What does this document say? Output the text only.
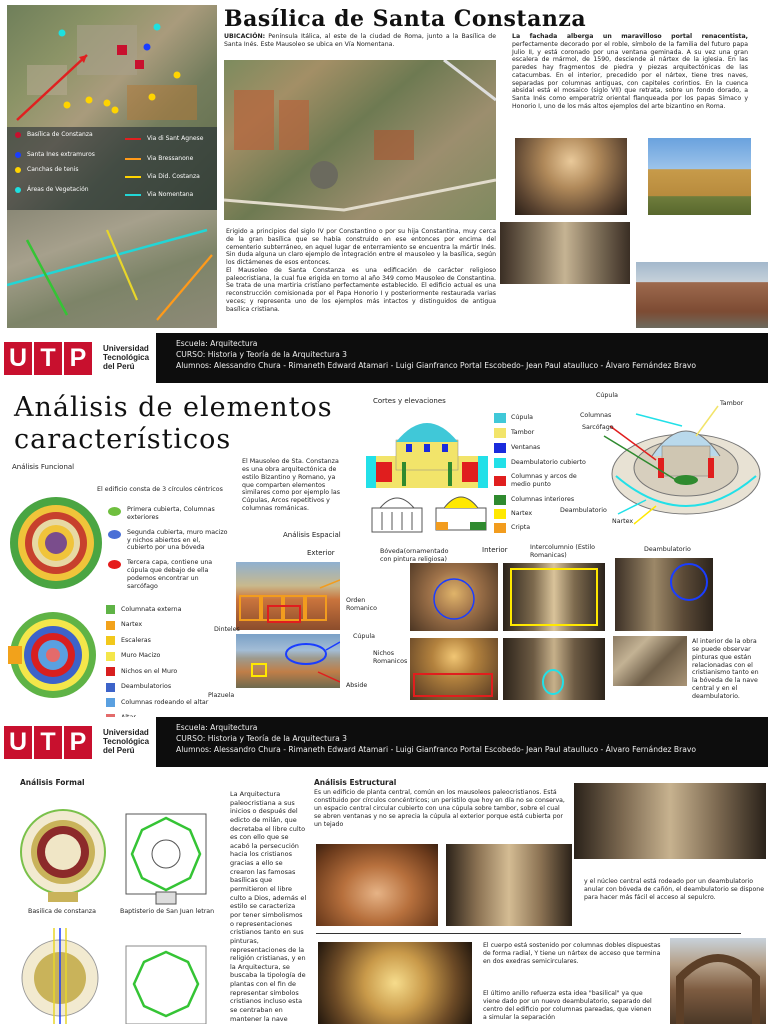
Basílica de Constanza
Santa Ines extramuros
Canchas de tenis
Áreas de Vegetación
Via di Sant Agnese
Via Bressanone
Via Did. Costanza
Via Nomentana
Basílica de Santa Constanza
UBICACIÓN: Península Itálica, al este de la ciudad de Roma, junto a la Basílica de Santa Inés. Este Mausoleo se ubica en Vía Nomentana.
Erigido a principios del siglo IV por Constantino o por su hija Constantina, muy cerca de la gran basílica que se había construido en ese entonces por encima del cementerio subterráneo, en aquel lugar de enterramiento se encuentra la mártir Inés. Sin duda alguna un claro ejemplo de integración entre el mausoleo y la basílica, según los dictámenes de esos entonces.
El Mausoleo de Santa Constanza es una edificación de carácter religioso paleocristiana, la cual fue erigida en torno al año 349 como Mausoleo de Constantina. Se trata de una martiria cristiano perfectamente establecido. El edificio actual es una reconstrucción comisionada por el Papa Honorio I y posteriormente restaurada varias veces; y representa uno de los ejemplos más intactos y distinguidos de antigua basílica cristiana.
La fachada alberga un maravilloso portal renacentista, perfectamente decorado por el roble, símbolo de la familia del futuro papa Julio II, y está coronado por una ventana geminada. A su vez una gran escalera de mármol, de 1590, desciende al nártex de la iglesia. En las paredes hay fragmentos de piedra y piezas arquitectónicas de las catacumbas. En el interior, precedido por el nártex, tiene tres naves, separadas por columnas antiguas, con capiteles corintios. En la cuenca absidal está el mosaico (siglo VII) que retrata, sobre un fondo dorado, a Santa Inés como emperatriz oriental flanqueada por los papas Símaco y Honorio I, uno de los más altos ejemplos del arte bizantino en Roma.
U T P	Universidad
Tecnológica
del Perú
Escuela: Arquitectura
CURSO: Historia y Teoría de la Arquitectura 3
Alumnos: Alessandro Chura - Rimaneth Edward Atamari - Luigi Gianfranco Portal Escobedo- Jean Paul ataulluco - Álvaro Fernández Bravo
Análisis de elementos
característicos
Análisis Funcional
El edificio consta de 3 círculos céntricos
Primera cubierta, Columnas exteriores
Segunda cubierta, muro macizo y nichos abiertos en el, cubierto por una bóveda
Tercera capa, contiene una cúpula que debajo de ella podemos encontrar un sarcófago
Columnata externa
Nartex
Escaleras
Muro Macizo
Nichos en el Muro
Deambulatorios
Columnas rodeando el altar
El Mausoleo de Sta. Constanza es una obra arquitectónica de estilo Bizantino y Romano, ya que comparten elementos similares como por ejemplo las Cúpulas, Arcos repetitivos y columnas románicas.
Cortes y elevaciones
Cúpula
Tambor
Ventanas
Deambulatorio cubierto
Columnas y arcos de medio punto
Columnas interiores
Nartex
Cripta
Cúpula
Tambor
Columnas
Sarcófago
Deambulatorio
Nartex
Análisis Espacial
Exterior	Interior
Orden Romanico
Dinteles
Cúpula
Abside
Plazuela
Bóveda(ornamentado con pintura religiosa)
Intercolumnio (Estilo Romanicas)
Deambulatorio
Nichos Romanicos
Al interior de la obra se puede observar pinturas que están relacionadas con el cristianismo tanto en la bóveda de la nave central y en el deambulatorio.
U T P	Universidad
Tecnológica
del Perú
Escuela: Arquitectura
CURSO: Historia y Teoría de la Arquitectura 3
Alumnos: Alessandro Chura - Rimaneth Edward Atamari - Luigi Gianfranco Portal Escobedo- Jean Paul ataulluco - Álvaro Fernández Bravo
Análisis Formal
Basilica de constanza	Baptisterio de San Juan letran
La Arquitectura paleocristiana a sus inicios o después del edicto de milán, que decretaba el libre culto es con ello que se acabó la persecución hacia los cristianos gracias a ello se crearon las famosas basílicas que permitieron el libre culto a Dios, además el estilo se caracteriza por tener simbolismos o representaciones cristianos tanto en sus pinturas, representaciones de la religión cristianas, y en la Arquitectura, se buscaba la tipología de plantas con el fin de representar símbolos cristianos incluso esta se centraban en mantener la nave
Análisis Estructural
Es un edificio de planta central, común en los mausoleos paleocristianos. Está constituido por círculos concéntricos; un peristilo que hoy en día no se conserva, un espacio central circular cubierto con una cúpula sobre tambor, sobre el cual se abren ventanas y no se aprecia la cúpula al exterior porque está cubierta por un tejado
y el núcleo central está rodeado por un deambulatorio anular con bóveda de cañón, el deambulatorio se dispone para hacer más fácil el acceso al sepulcro.
El cuerpo está sostenido por columnas dobles dispuestas de forma radial, Y tiene un nártex de acceso que termina en dos exedras semicirculares.
El último anillo refuerza esta idea "basilical" ya que viene dado por un nuevo deambulatorio, separado del centro del edificio por columnas pareadas, que vienen a simular la separación
